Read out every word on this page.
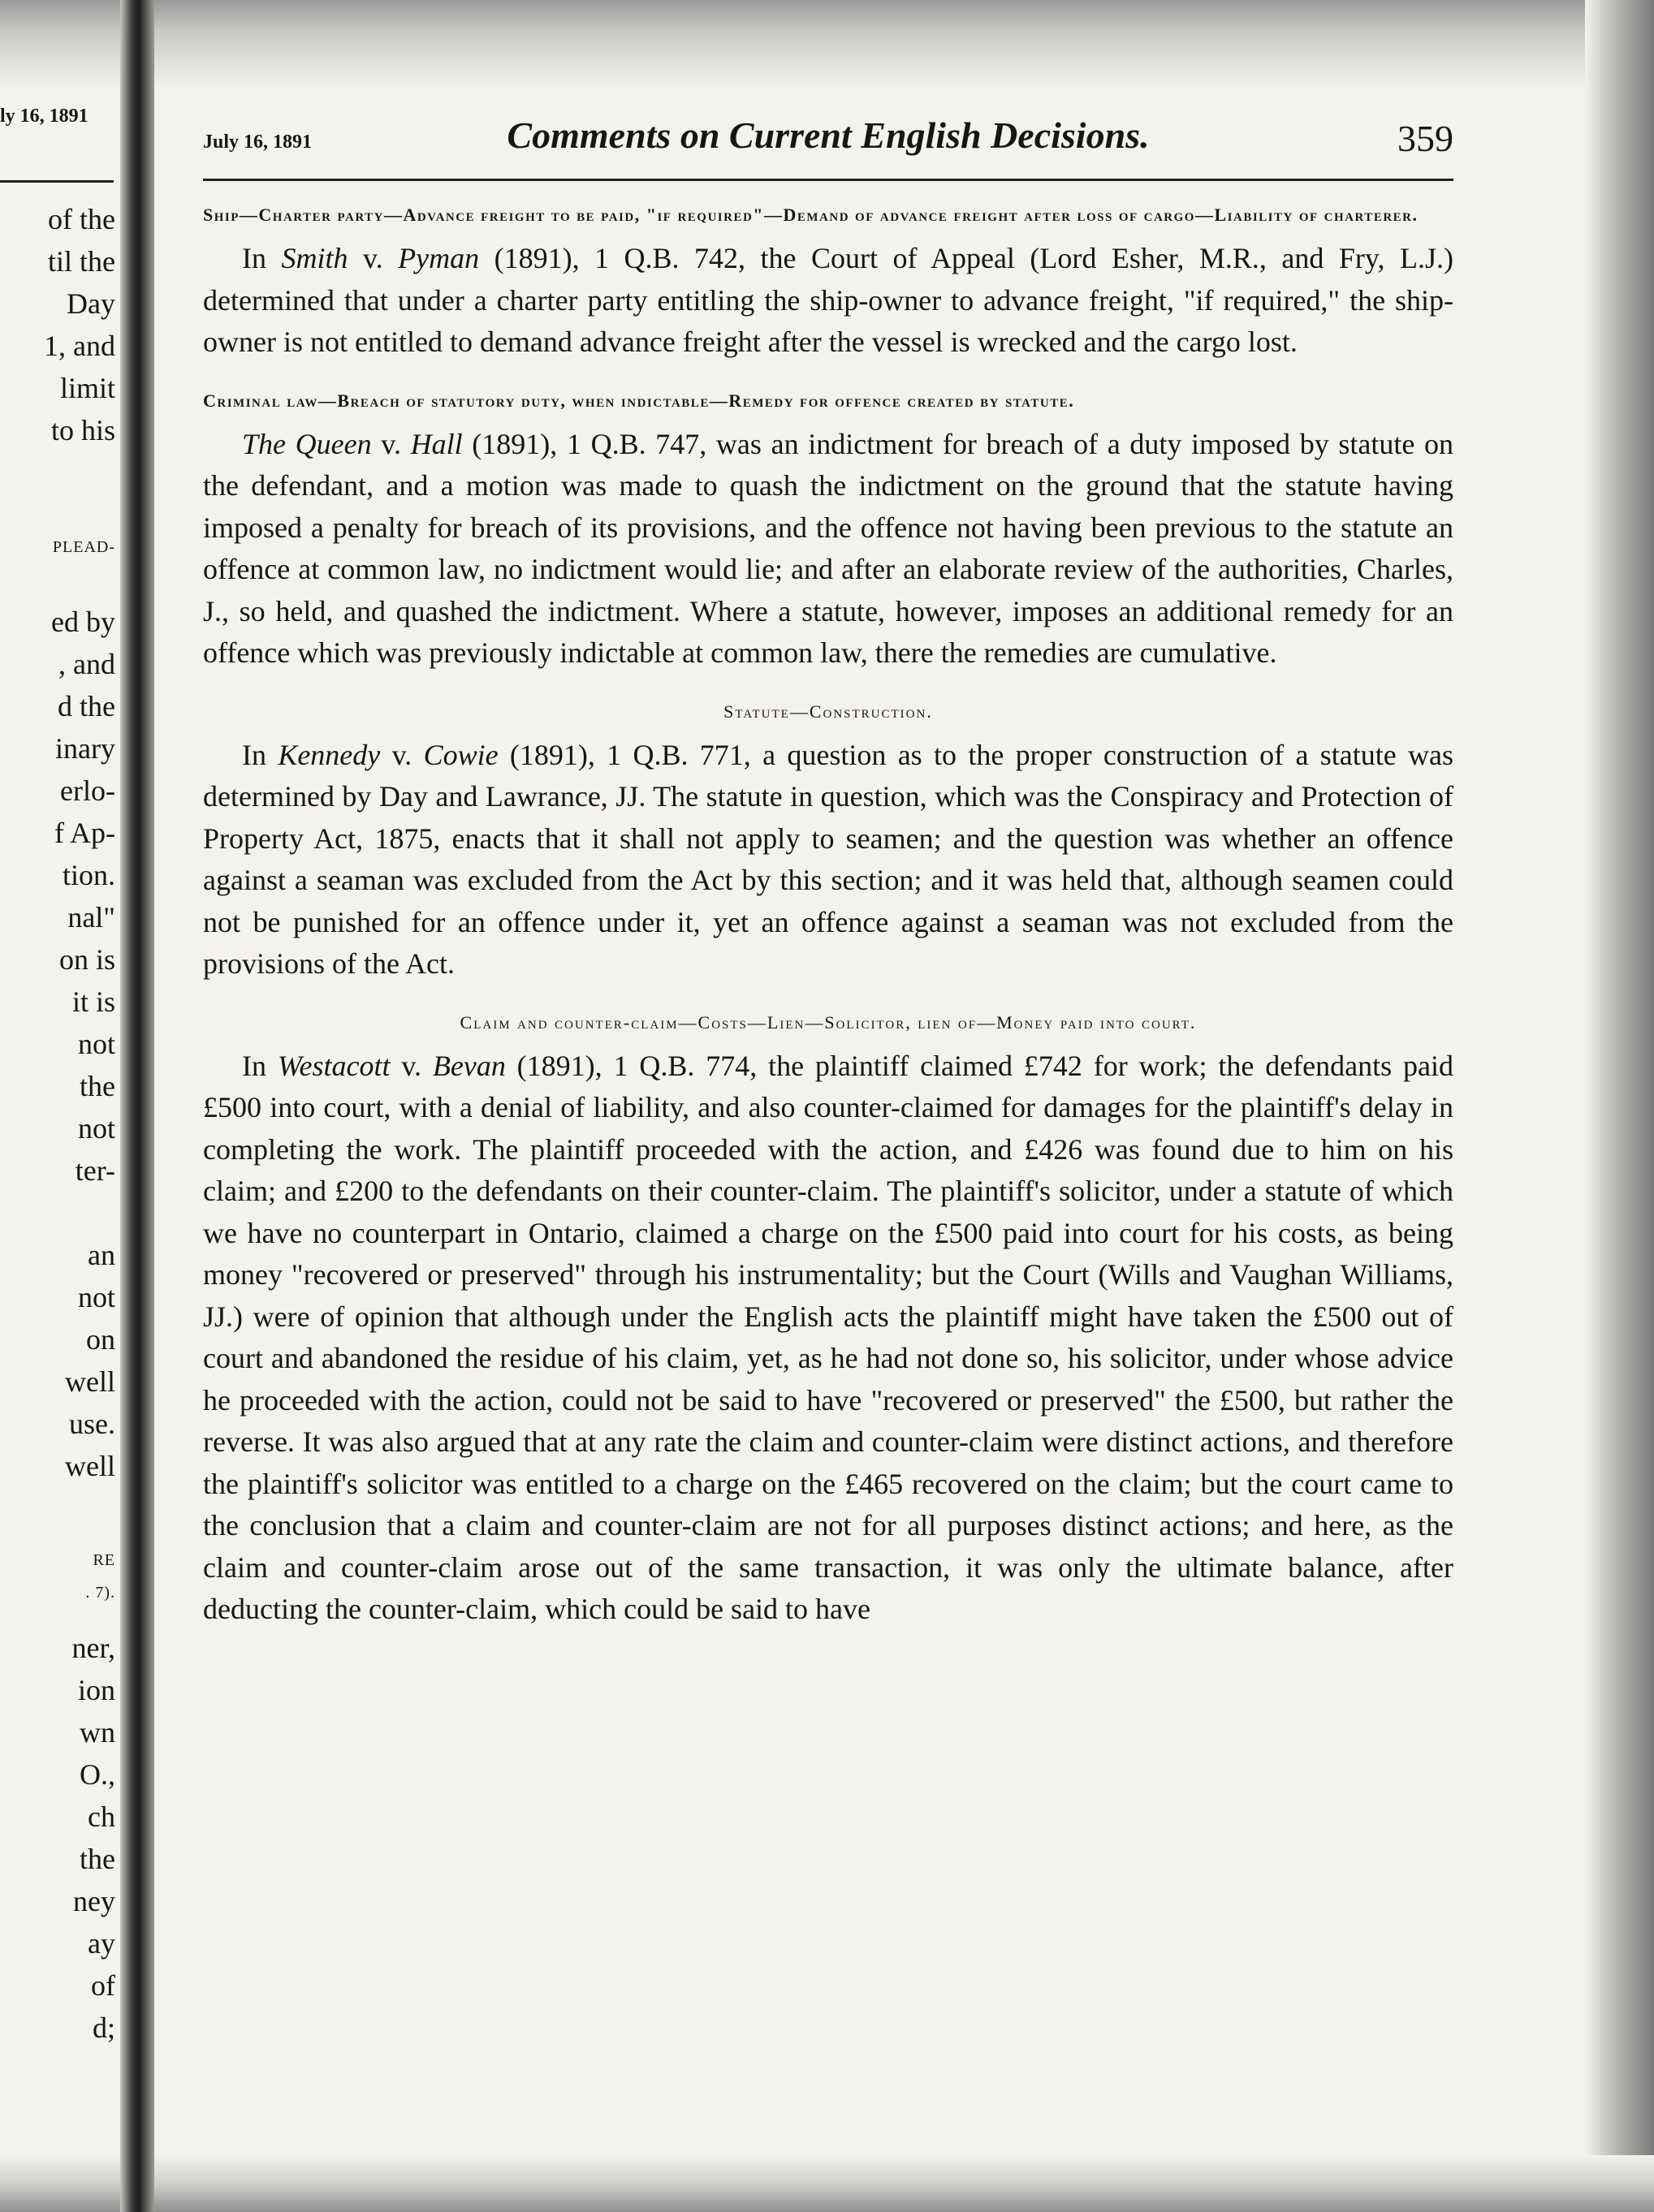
ly 16, 1891
of the
til the
Day
1, and
limit
to his
PLEAD-
ed by
, and
d the
inary
erlo-
f Ap-
tion.
nal"
on is
it is
not
the
not
ter-
an
not
on
well
use.
well
RE
. 7).
ner,
ion
wn
O.,
ch
the
ney
ay
of
d;
July 16, 1891	Comments on Current English Decisions.	359

Ship—Charter party—Advance freight to be paid, "if required"—Demand of advance freight after loss of cargo—Liability of charterer.

In Smith v. Pyman (1891), 1 Q.B. 742, the Court of Appeal (Lord Esher, M.R., and Fry, L.J.) determined that under a charter party entitling the ship-owner to advance freight, "if required," the ship-owner is not entitled to demand advance freight after the vessel is wrecked and the cargo lost.

Criminal law—Breach of statutory duty, when indictable—Remedy for offence created by statute.

The Queen v. Hall (1891), 1 Q.B. 747, was an indictment for breach of a duty imposed by statute on the defendant, and a motion was made to quash the indictment on the ground that the statute having imposed a penalty for breach of its provisions, and the offence not having been previous to the statute an offence at common law, no indictment would lie; and after an elaborate review of the authorities, Charles, J., so held, and quashed the indictment. Where a statute, however, imposes an additional remedy for an offence which was previously indictable at common law, there the remedies are cumulative.

Statute—Construction.

In Kennedy v. Cowie (1891), 1 Q.B. 771, a question as to the proper construction of a statute was determined by Day and Lawrance, JJ. The statute in question, which was the Conspiracy and Protection of Property Act, 1875, enacts that it shall not apply to seamen; and the question was whether an offence against a seaman was excluded from the Act by this section; and it was held that, although seamen could not be punished for an offence under it, yet an offence against a seaman was not excluded from the provisions of the Act.

Claim and counter-claim—Costs—Lien—Solicitor, lien of—Money paid into court.

In Westacott v. Bevan (1891), 1 Q.B. 774, the plaintiff claimed £742 for work; the defendants paid £500 into court, with a denial of liability, and also counter-claimed for damages for the plaintiff's delay in completing the work. The plaintiff proceeded with the action, and £426 was found due to him on his claim; and £200 to the defendants on their counter-claim. The plaintiff's solicitor, under a statute of which we have no counterpart in Ontario, claimed a charge on the £500 paid into court for his costs, as being money "recovered or preserved" through his instrumentality; but the Court (Wills and Vaughan Williams, JJ.) were of opinion that although under the English acts the plaintiff might have taken the £500 out of court and abandoned the residue of his claim, yet, as he had not done so, his solicitor, under whose advice he proceeded with the action, could not be said to have "recovered or preserved" the £500, but rather the reverse. It was also argued that at any rate the claim and counter-claim were distinct actions, and therefore the plaintiff's solicitor was entitled to a charge on the £465 recovered on the claim; but the court came to the conclusion that a claim and counter-claim are not for all purposes distinct actions; and here, as the claim and counter-claim arose out of the same transaction, it was only the ultimate balance, after deducting the counter-claim, which could be said to have
